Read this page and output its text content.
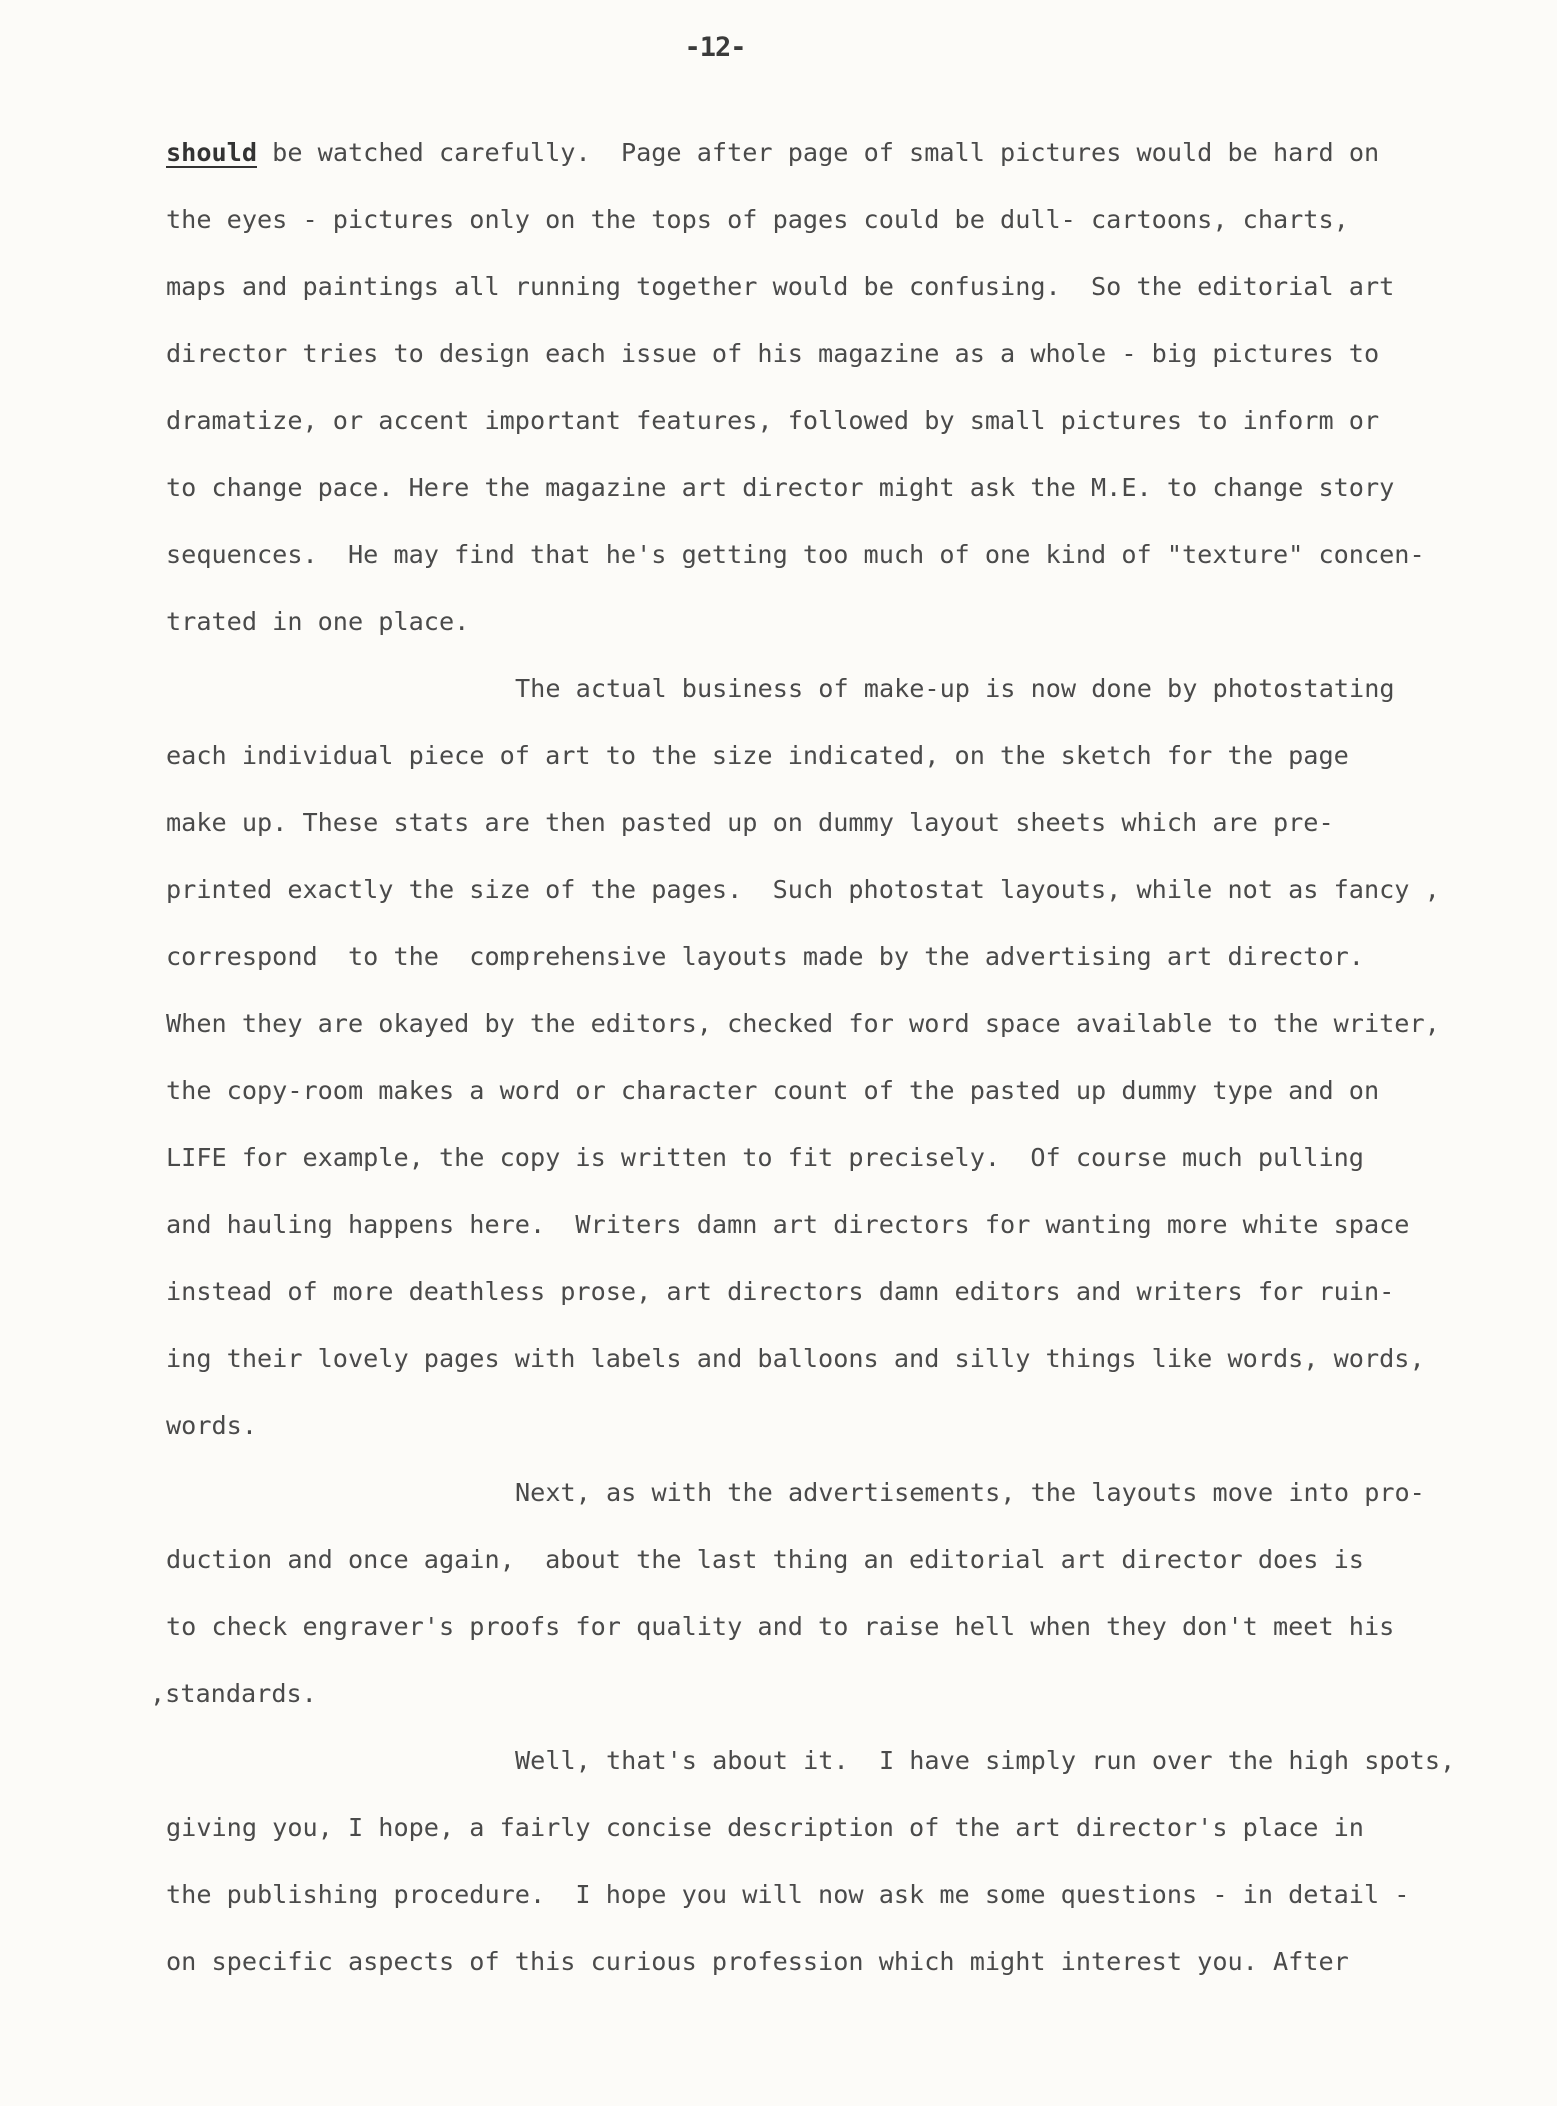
-12-
should be watched carefully.  Page after page of small pictures would be hard on
the eyes - pictures only on the tops of pages could be dull- cartoons, charts,
maps and paintings all running together would be confusing.  So the editorial art
director tries to design each issue of his magazine as a whole - big pictures to
dramatize, or accent important features, followed by small pictures to inform or
to change pace. Here the magazine art director might ask the M.E. to change story
sequences.  He may find that he's getting too much of one kind of "texture" concen-
trated in one place.
The actual business of make-up is now done by photostating
each individual piece of art to the size indicated, on the sketch for the page
make up. These stats are then pasted up on dummy layout sheets which are pre-
printed exactly the size of the pages.  Such photostat layouts, while not as fancy ,
correspond  to the  comprehensive layouts made by the advertising art director.
When they are okayed by the editors, checked for word space available to the writer,
the copy-room makes a word or character count of the pasted up dummy type and on
LIFE for example, the copy is written to fit precisely.  Of course much pulling
and hauling happens here.  Writers damn art directors for wanting more white space
instead of more deathless prose, art directors damn editors and writers for ruin-
ing their lovely pages with labels and balloons and silly things like words, words,
words.
Next, as with the advertisements, the layouts move into pro-
duction and once again,  about the last thing an editorial art director does is
to check engraver's proofs for quality and to raise hell when they don't meet his
,standards.
Well, that's about it.  I have simply run over the high spots,
giving you, I hope, a fairly concise description of the art director's place in
the publishing procedure.  I hope you will now ask me some questions - in detail -
on specific aspects of this curious profession which might interest you. After
